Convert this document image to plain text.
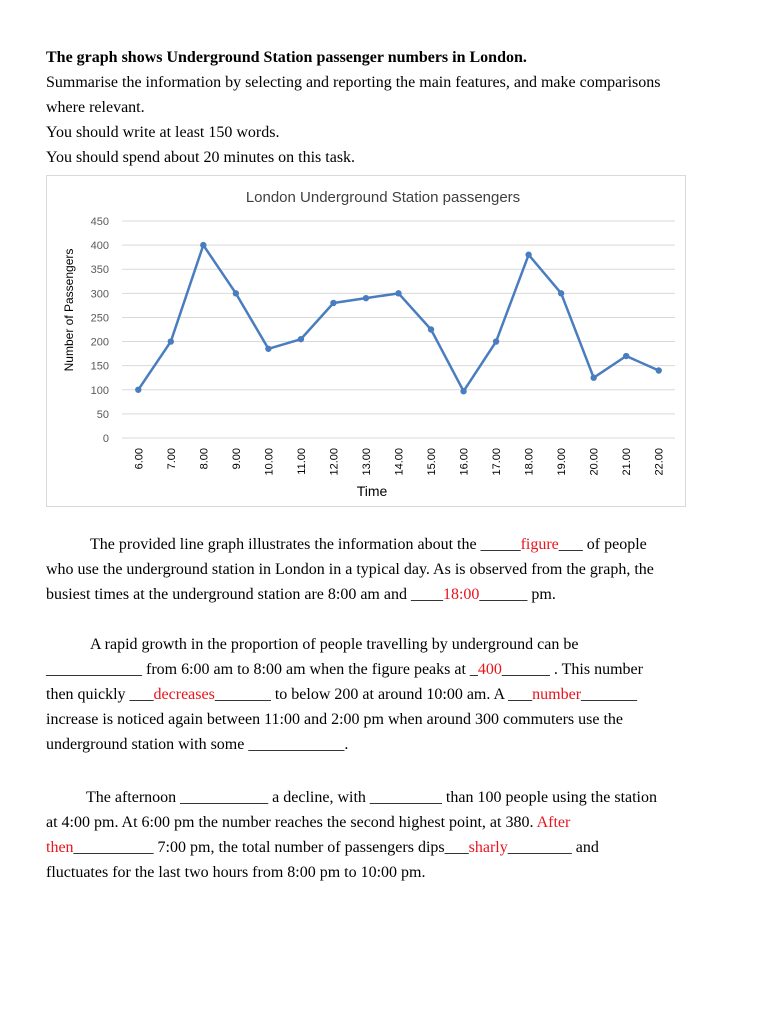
The graph shows Underground Station passenger numbers in London.
Summarise the information by selecting and reporting the main features, and make comparisons
where relevant.
You should write at least 150 words.
You should spend about 20 minutes on this task.
London Underground Station passengers
Number of Passengers
Time
0
50
100
150
200
250
300
350
400
450
6.00 7.00 8.00 9.00 10.00 11.00 12.00 13.00 14.00 15.00 16.00 17.00 18.00 19.00 20.00 21.00 22.00
The provided line graph illustrates the information about the _____figure___ of people
who use the underground station in London in a typical day. As is observed from the graph, the
busiest times at the underground station are 8:00 am and ____18:00______ pm.
A rapid growth in the proportion of people travelling by underground can be
____________ from 6:00 am to 8:00 am when the figure peaks at _400______ . This number
then quickly ___decreases_______ to below 200 at around 10:00 am. A ___number_______
increase is noticed again between 11:00 and 2:00 pm when around 300 commuters use the
underground station with some ____________.
The afternoon ___________ a decline, with _________ than 100 people using the station
at 4:00 pm. At 6:00 pm the number reaches the second highest point, at 380. After
then__________ 7:00 pm, the total number of passengers dips___sharly________ and
fluctuates for the last two hours from 8:00 pm to 10:00 pm.
